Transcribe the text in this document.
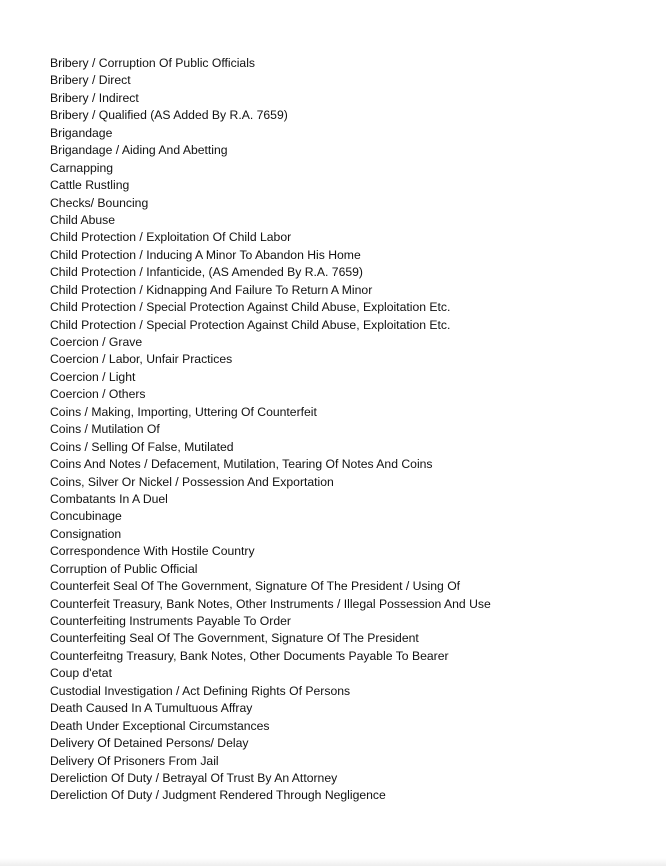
Bribery / Corruption Of Public Officials
Bribery / Direct
Bribery / Indirect
Bribery / Qualified (AS Added By R.A. 7659)
Brigandage
Brigandage / Aiding And Abetting
Carnapping
Cattle Rustling
Checks/ Bouncing
Child Abuse
Child Protection / Exploitation Of Child Labor
Child Protection / Inducing A Minor To Abandon His Home
Child Protection / Infanticide, (AS Amended By R.A. 7659)
Child Protection / Kidnapping And Failure To Return A Minor
Child Protection / Special Protection Against Child Abuse, Exploitation Etc.
Child Protection / Special Protection Against Child Abuse, Exploitation Etc.
Coercion / Grave
Coercion / Labor, Unfair Practices
Coercion / Light
Coercion / Others
Coins / Making, Importing, Uttering Of Counterfeit
Coins / Mutilation Of
Coins / Selling Of False, Mutilated
Coins And Notes / Defacement, Mutilation, Tearing Of Notes And Coins
Coins, Silver Or Nickel / Possession And Exportation
Combatants In A Duel
Concubinage
Consignation
Correspondence With Hostile Country
Corruption of Public Official
Counterfeit Seal Of The Government, Signature Of The President / Using Of
Counterfeit Treasury, Bank Notes, Other Instruments / Illegal Possession And Use
Counterfeiting Instruments Payable To Order
Counterfeiting Seal Of The Government, Signature Of The President
Counterfeitng Treasury, Bank Notes, Other Documents Payable To Bearer
Coup d'etat
Custodial Investigation / Act Defining Rights Of Persons
Death Caused In A Tumultuous Affray
Death Under Exceptional Circumstances
Delivery Of Detained Persons/ Delay
Delivery Of Prisoners From Jail
Dereliction Of Duty / Betrayal Of Trust By An Attorney
Dereliction Of Duty / Judgment Rendered Through Negligence
